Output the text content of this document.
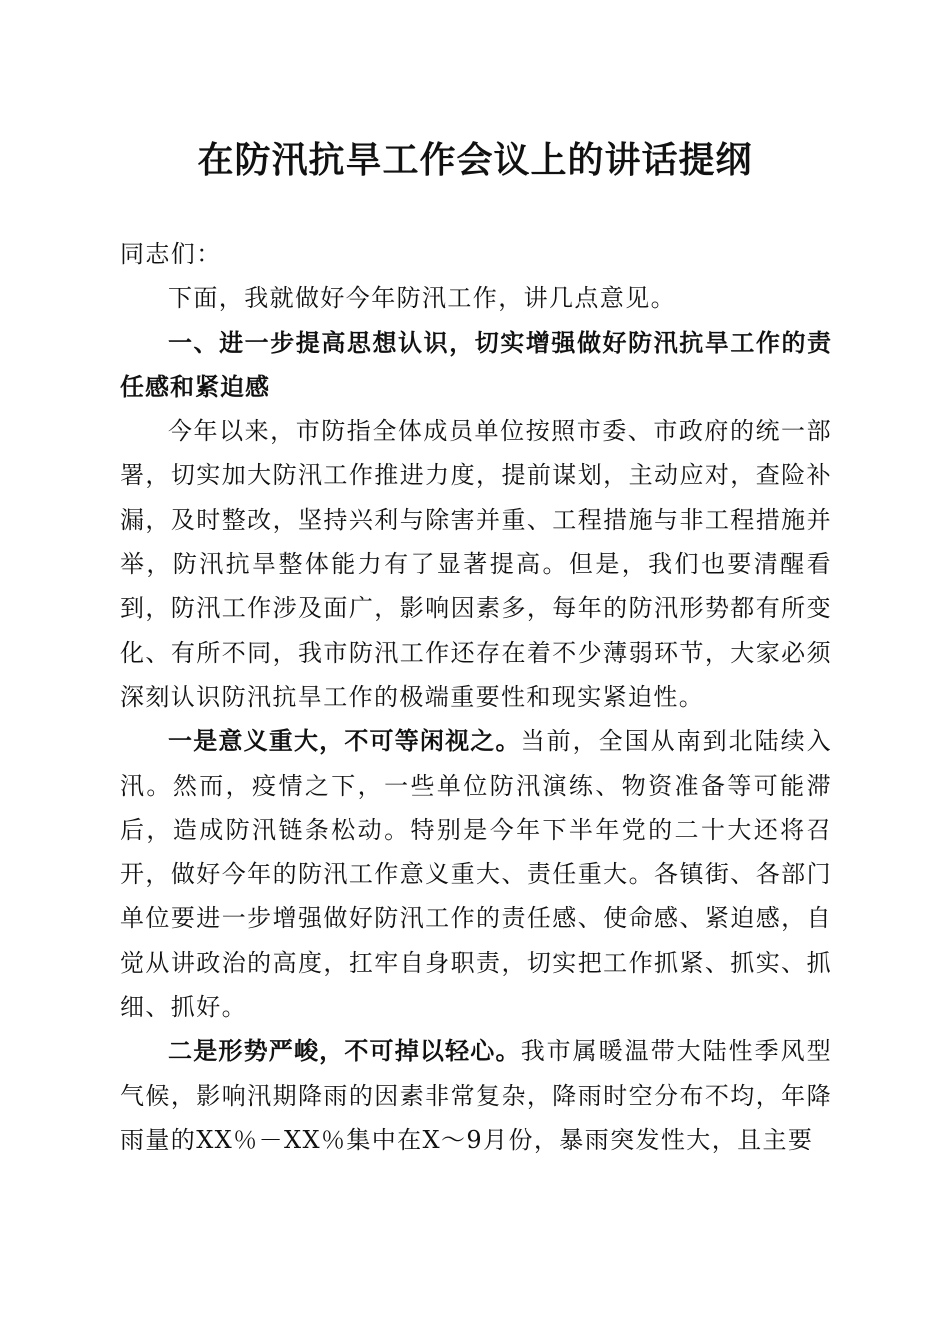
在防汛抗旱工作会议上的讲话提纲

同志们：

下面，我就做好今年防汛工作，讲几点意见。

一、进一步提高思想认识，切实增强做好防汛抗旱工作的责任感和紧迫感

今年以来，市防指全体成员单位按照市委、市政府的统一部署，切实加大防汛工作推进力度，提前谋划，主动应对，查险补漏，及时整改，坚持兴利与除害并重、工程措施与非工程措施并举，防汛抗旱整体能力有了显著提高。但是，我们也要清醒看到，防汛工作涉及面广，影响因素多，每年的防汛形势都有所变化、有所不同，我市防汛工作还存在着不少薄弱环节，大家必须深刻认识防汛抗旱工作的极端重要性和现实紧迫性。

一是意义重大，不可等闲视之。当前，全国从南到北陆续入汛。然而，疫情之下，一些单位防汛演练、物资准备等可能滞后，造成防汛链条松动。特别是今年下半年党的二十大还将召开，做好今年的防汛工作意义重大、责任重大。各镇街、各部门单位要进一步增强做好防汛工作的责任感、使命感、紧迫感，自觉从讲政治的高度，扛牢自身职责，切实把工作抓紧、抓实、抓细、抓好。

二是形势严峻，不可掉以轻心。我市属暖温带大陆性季风型气候，影响汛期降雨的因素非常复杂，降雨时空分布不均，年降雨量的XX％－XX％集中在X～9月份，暴雨突发性大，且主要
